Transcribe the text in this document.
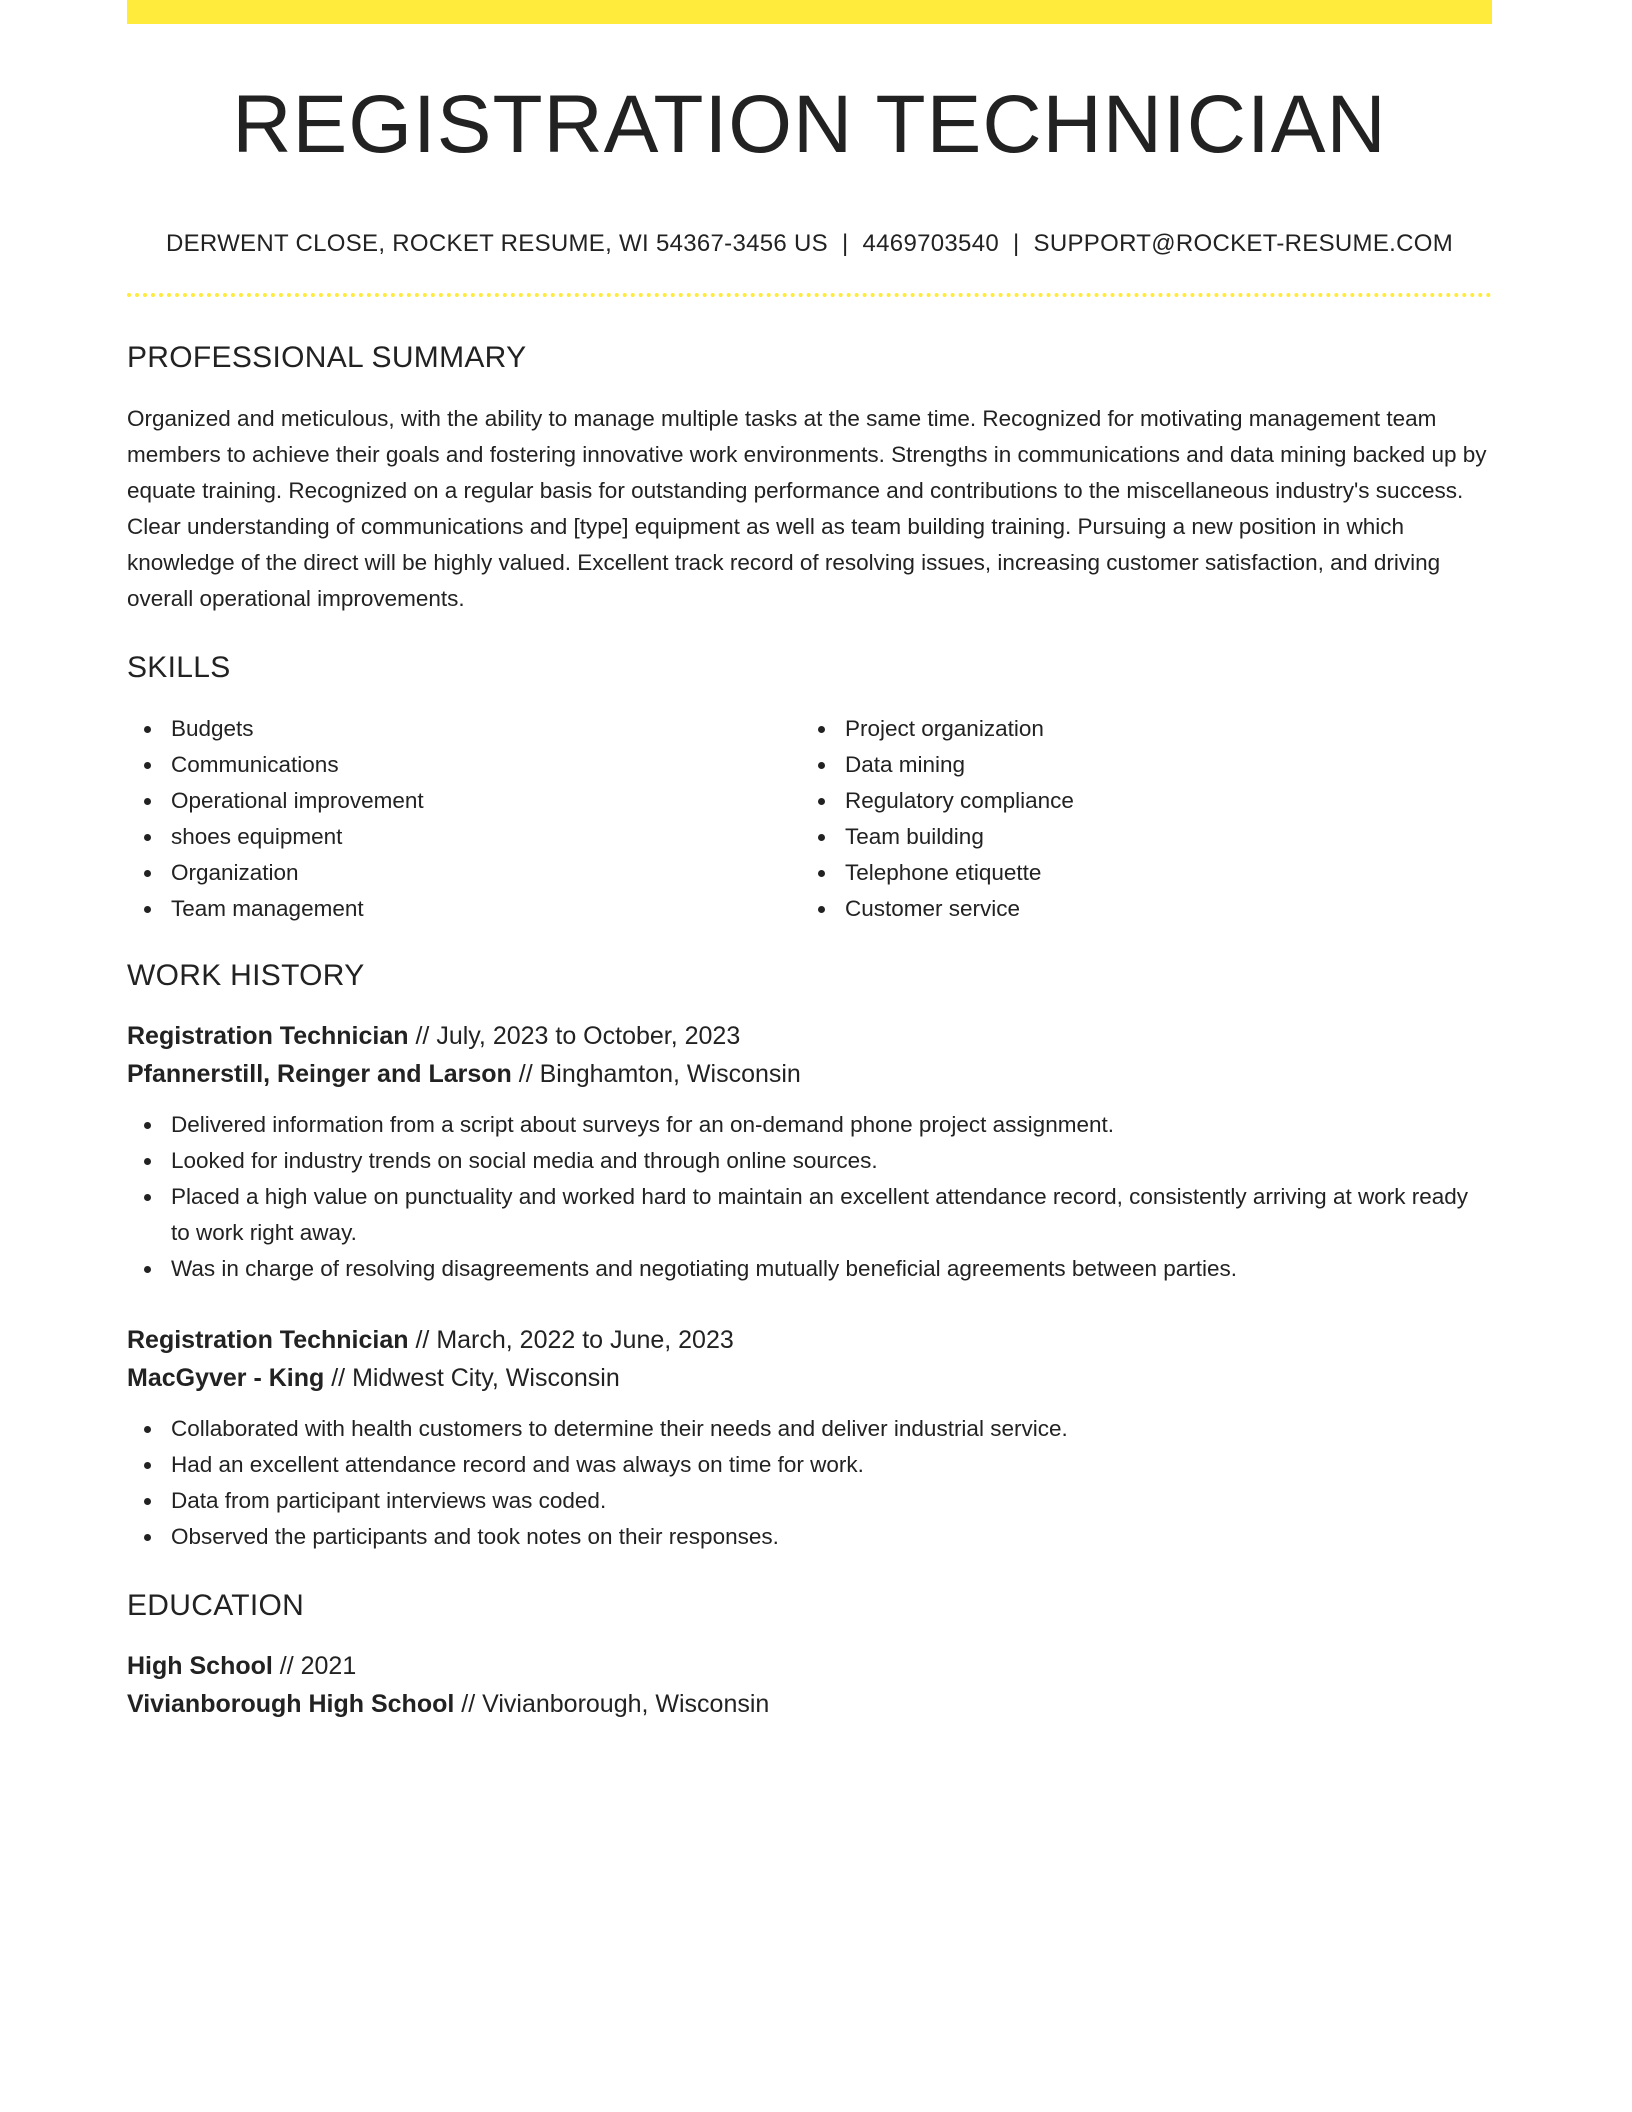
REGISTRATION TECHNICIAN
DERWENT CLOSE, ROCKET RESUME, WI 54367-3456 US | 4469703540 | SUPPORT@ROCKET-RESUME.COM
PROFESSIONAL SUMMARY

Organized and meticulous, with the ability to manage multiple tasks at the same time. Recognized for motivating management team members to achieve their goals and fostering innovative work environments. Strengths in communications and data mining backed up by equate training. Recognized on a regular basis for outstanding performance and contributions to the miscellaneous industry's success. Clear understanding of communications and [type] equipment as well as team building training. Pursuing a new position in which knowledge of the direct will be highly valued. Excellent track record of resolving issues, increasing customer satisfaction, and driving overall operational improvements.

SKILLS
Budgets
Communications
Operational improvement
shoes equipment
Organization
Team management
Project organization
Data mining
Regulatory compliance
Team building
Telephone etiquette
Customer service
WORK HISTORY
Registration Technician // July, 2023 to October, 2023
Pfannerstill, Reinger and Larson // Binghamton, Wisconsin
Delivered information from a script about surveys for an on-demand phone project assignment.
Looked for industry trends on social media and through online sources.
Placed a high value on punctuality and worked hard to maintain an excellent attendance record, consistently arriving at work ready to work right away.
Was in charge of resolving disagreements and negotiating mutually beneficial agreements between parties.
Registration Technician // March, 2022 to June, 2023
MacGyver - King // Midwest City, Wisconsin
Collaborated with health customers to determine their needs and deliver industrial service.
Had an excellent attendance record and was always on time for work.
Data from participant interviews was coded.
Observed the participants and took notes on their responses.
EDUCATION
High School // 2021
Vivianborough High School // Vivianborough, Wisconsin
